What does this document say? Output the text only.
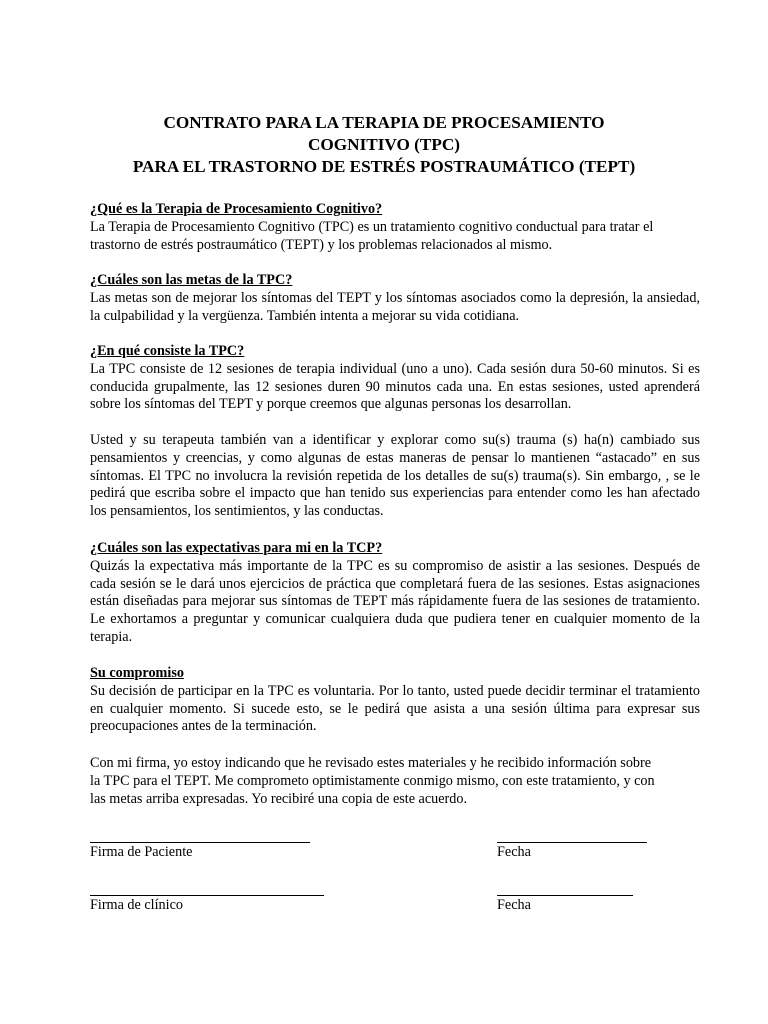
CONTRATO PARA LA TERAPIA DE PROCESAMIENTO
COGNITIVO (TPC)
PARA EL TRASTORNO DE ESTRÉS POSTRAUMÁTICO (TEPT)
¿Qué es la Terapia de Procesamiento Cognitivo?

La Terapia de Procesamiento Cognitivo (TPC) es un tratamiento cognitivo conductual para tratar el trastorno de estrés postraumático (TEPT) y los problemas relacionados al mismo.

¿Cuáles son las metas de la TPC?

Las metas son de mejorar los síntomas del TEPT y los síntomas asociados como la depresión, la ansiedad, la culpabilidad y la vergüenza. También intenta a mejorar su vida cotidiana.

¿En qué consiste la TPC?

La TPC consiste de 12 sesiones de terapia individual (uno a uno). Cada sesión dura 50-60 minutos. Si es conducida grupalmente, las 12 sesiones duren 90 minutos cada una. En estas sesiones, usted aprenderá sobre los síntomas del TEPT y porque creemos que algunas personas los desarrollan.

Usted y su terapeuta también van a identificar y explorar como su(s) trauma (s) ha(n) cambiado sus pensamientos y creencias, y como algunas de estas maneras de pensar lo mantienen “astacado” en sus síntomas. El TPC no involucra la revisión repetida de los detalles de su(s) trauma(s). Sin embargo, , se le pedirá que escriba sobre el impacto que han tenido sus experiencias para entender como les han afectado los pensamientos, los sentimientos, y las conductas.

¿Cuáles son las expectativas para mi en la TCP?

Quizás la expectativa más importante de la TPC es su compromiso de asistir a las sesiones. Después de cada sesión se le dará unos ejercicios de práctica que completará fuera de las sesiones. Estas asignaciones están diseñadas para mejorar sus síntomas de TEPT más rápidamente fuera de las sesiones de tratamiento. Le exhortamos a preguntar y comunicar cualquiera duda que pudiera tener en cualquier momento de la terapia.

Su compromiso

Su decisión de participar en la TPC es voluntaria. Por lo tanto, usted puede decidir terminar el tratamiento en cualquier momento. Si sucede esto, se le pedirá que asista a una sesión última para expresar sus preocupaciones antes de la terminación.

Con mi firma, yo estoy indicando que he revisado estes materiales y he recibido información sobre
la TPC para el TEPT. Me comprometo optimistamente conmigo mismo, con este tratamiento, y con
las metas arriba expresadas. Yo recibiré una copia de este acuerdo.
Firma de Paciente	Fecha
Firma de clínico	Fecha
